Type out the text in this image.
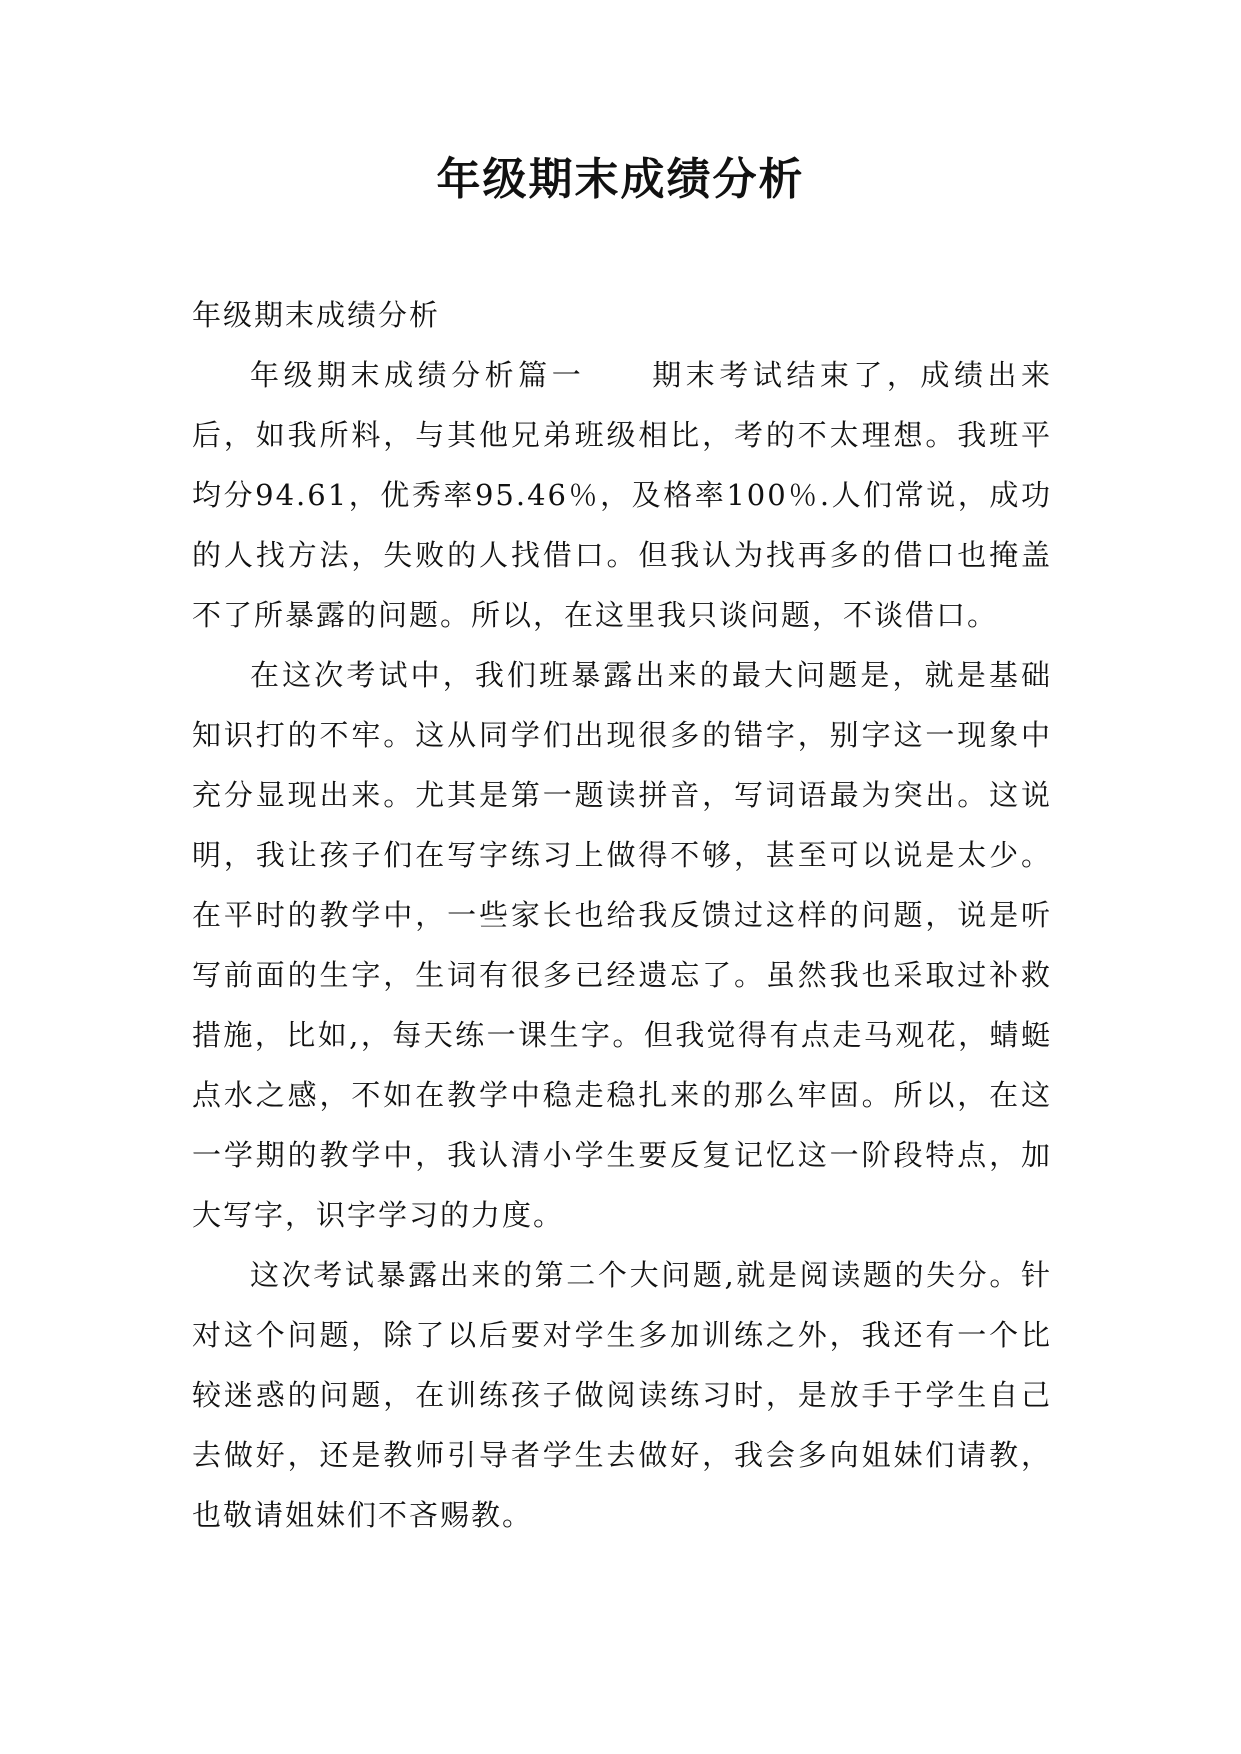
年级期末成绩分析

年级期末成绩分析

年级期末成绩分析篇一　　期末考试结束了，成绩出来后，如我所料，与其他兄弟班级相比，考的不太理想。我班平均分94.61，优秀率95.46％，及格率100％.人们常说，成功的人找方法，失败的人找借口。但我认为找再多的借口也掩盖不了所暴露的问题。所以，在这里我只谈问题，不谈借口。

在这次考试中，我们班暴露出来的最大问题是，就是基础知识打的不牢。这从同学们出现很多的错字，别字这一现象中充分显现出来。尤其是第一题读拼音，写词语最为突出。这说明，我让孩子们在写字练习上做得不够，甚至可以说是太少。在平时的教学中，一些家长也给我反馈过这样的问题，说是听写前面的生字，生词有很多已经遗忘了。虽然我也采取过补救措施，比如,，每天练一课生字。但我觉得有点走马观花，蜻蜓点水之感，不如在教学中稳走稳扎来的那么牢固。所以，在这一学期的教学中，我认清小学生要反复记忆这一阶段特点，加大写字，识字学习的力度。

这次考试暴露出来的第二个大问题,就是阅读题的失分。针对这个问题，除了以后要对学生多加训练之外，我还有一个比较迷惑的问题，在训练孩子做阅读练习时，是放手于学生自己去做好，还是教师引导者学生去做好，我会多向姐妹们请教，也敬请姐妹们不吝赐教。
